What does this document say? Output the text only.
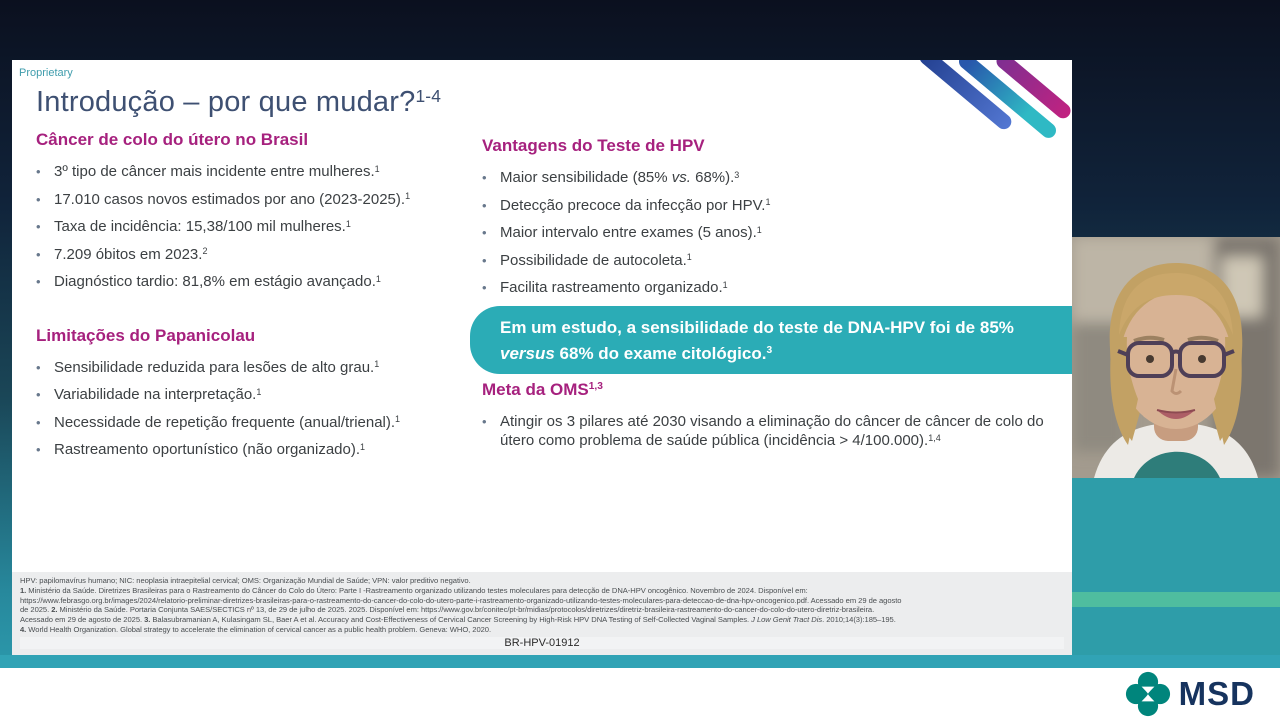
Proprietary
Introdução – por que mudar?$^{1-4}$
Câncer de colo do útero no Brasil
•
3º tipo de câncer mais incidente entre mulheres.$^1$
•
17.010 casos novos estimados por ano (2023-2025).$^1$
•
Taxa de incidência: 15,38/100 mil mulheres.$^1$
•
7.209 óbitos em 2023.$^2$
•
Diagnóstico tardio: 81,8% em estágio avançado.$^1$
Limitações do Papanicolau
•
Sensibilidade reduzida para lesões de alto grau.$^1$
•
Variabilidade na interpretação.$^1$
•
Necessidade de repetição frequente (anual/trienal).$^1$
•
Rastreamento oportunístico (não organizado).$^1$
Vantagens do Teste de HPV
•
Maior sensibilidade (85% vs. 68%).$^3$
•
Detecção precoce da infecção por HPV.$^1$
•
Maior intervalo entre exames (5 anos).$^1$
•
Possibilidade de autocoleta.$^1$
•
Facilita rastreamento organizado.$^1$
Em um estudo, a sensibilidade do teste de DNA-HPV foi de 85% versus 68% do exame citológico.$^3$
Meta da OMS$^{1,3}$
•
Atingir os 3 pilares até 2030 visando a eliminação do câncer de câncer de colo do útero como problema de saúde pública (incidência > 4/100.000).$^{1,4}$
HPV: papilomavírus humano; NIC: neoplasia intraepitelial cervical; OMS: Organização Mundial de Saúde; VPN: valor preditivo negativo.
1. Ministério da Saúde. Diretrizes Brasileiras para o Rastreamento do Câncer do Colo do Útero: Parte I -Rastreamento organizado utilizando testes moleculares para detecção de DNA-HPV oncogênico. Novembro de 2024. Disponível em:
https://www.febrasgo.org.br/images/2024/relatorio-preliminar-diretrizes-brasileiras-para-o-rastreamento-do-cancer-do-colo-do-utero-parte-i-rastreamento-organizado-utilizando-testes-moleculares-para-deteccao-de-dna-hpv-oncogenico.pdf. Acessado em 29 de agosto
de 2025. 2. Ministério da Saúde. Portaria Conjunta SAES/SECTICS nº 13, de 29 de julho de 2025. 2025. Disponível em: https://www.gov.br/conitec/pt-br/midias/protocolos/diretrizes/diretriz-brasileira-rastreamento-do-cancer-do-colo-do-utero-diretriz-brasileira.
Acessado em 29 de agosto de 2025. 3. Balasubramanian A, Kulasingam SL, Baer A et al. Accuracy and Cost-Effectiveness of Cervical Cancer Screening by High-Risk HPV DNA Testing of Self-Collected Vaginal Samples. J Low Genit Tract Dis. 2010;14(3):185–195.
4. World Health Organization. Global strategy to accelerate the elimination of cervical cancer as a public health problem. Geneva: WHO, 2020.
BR-HPV-01912
MSD
